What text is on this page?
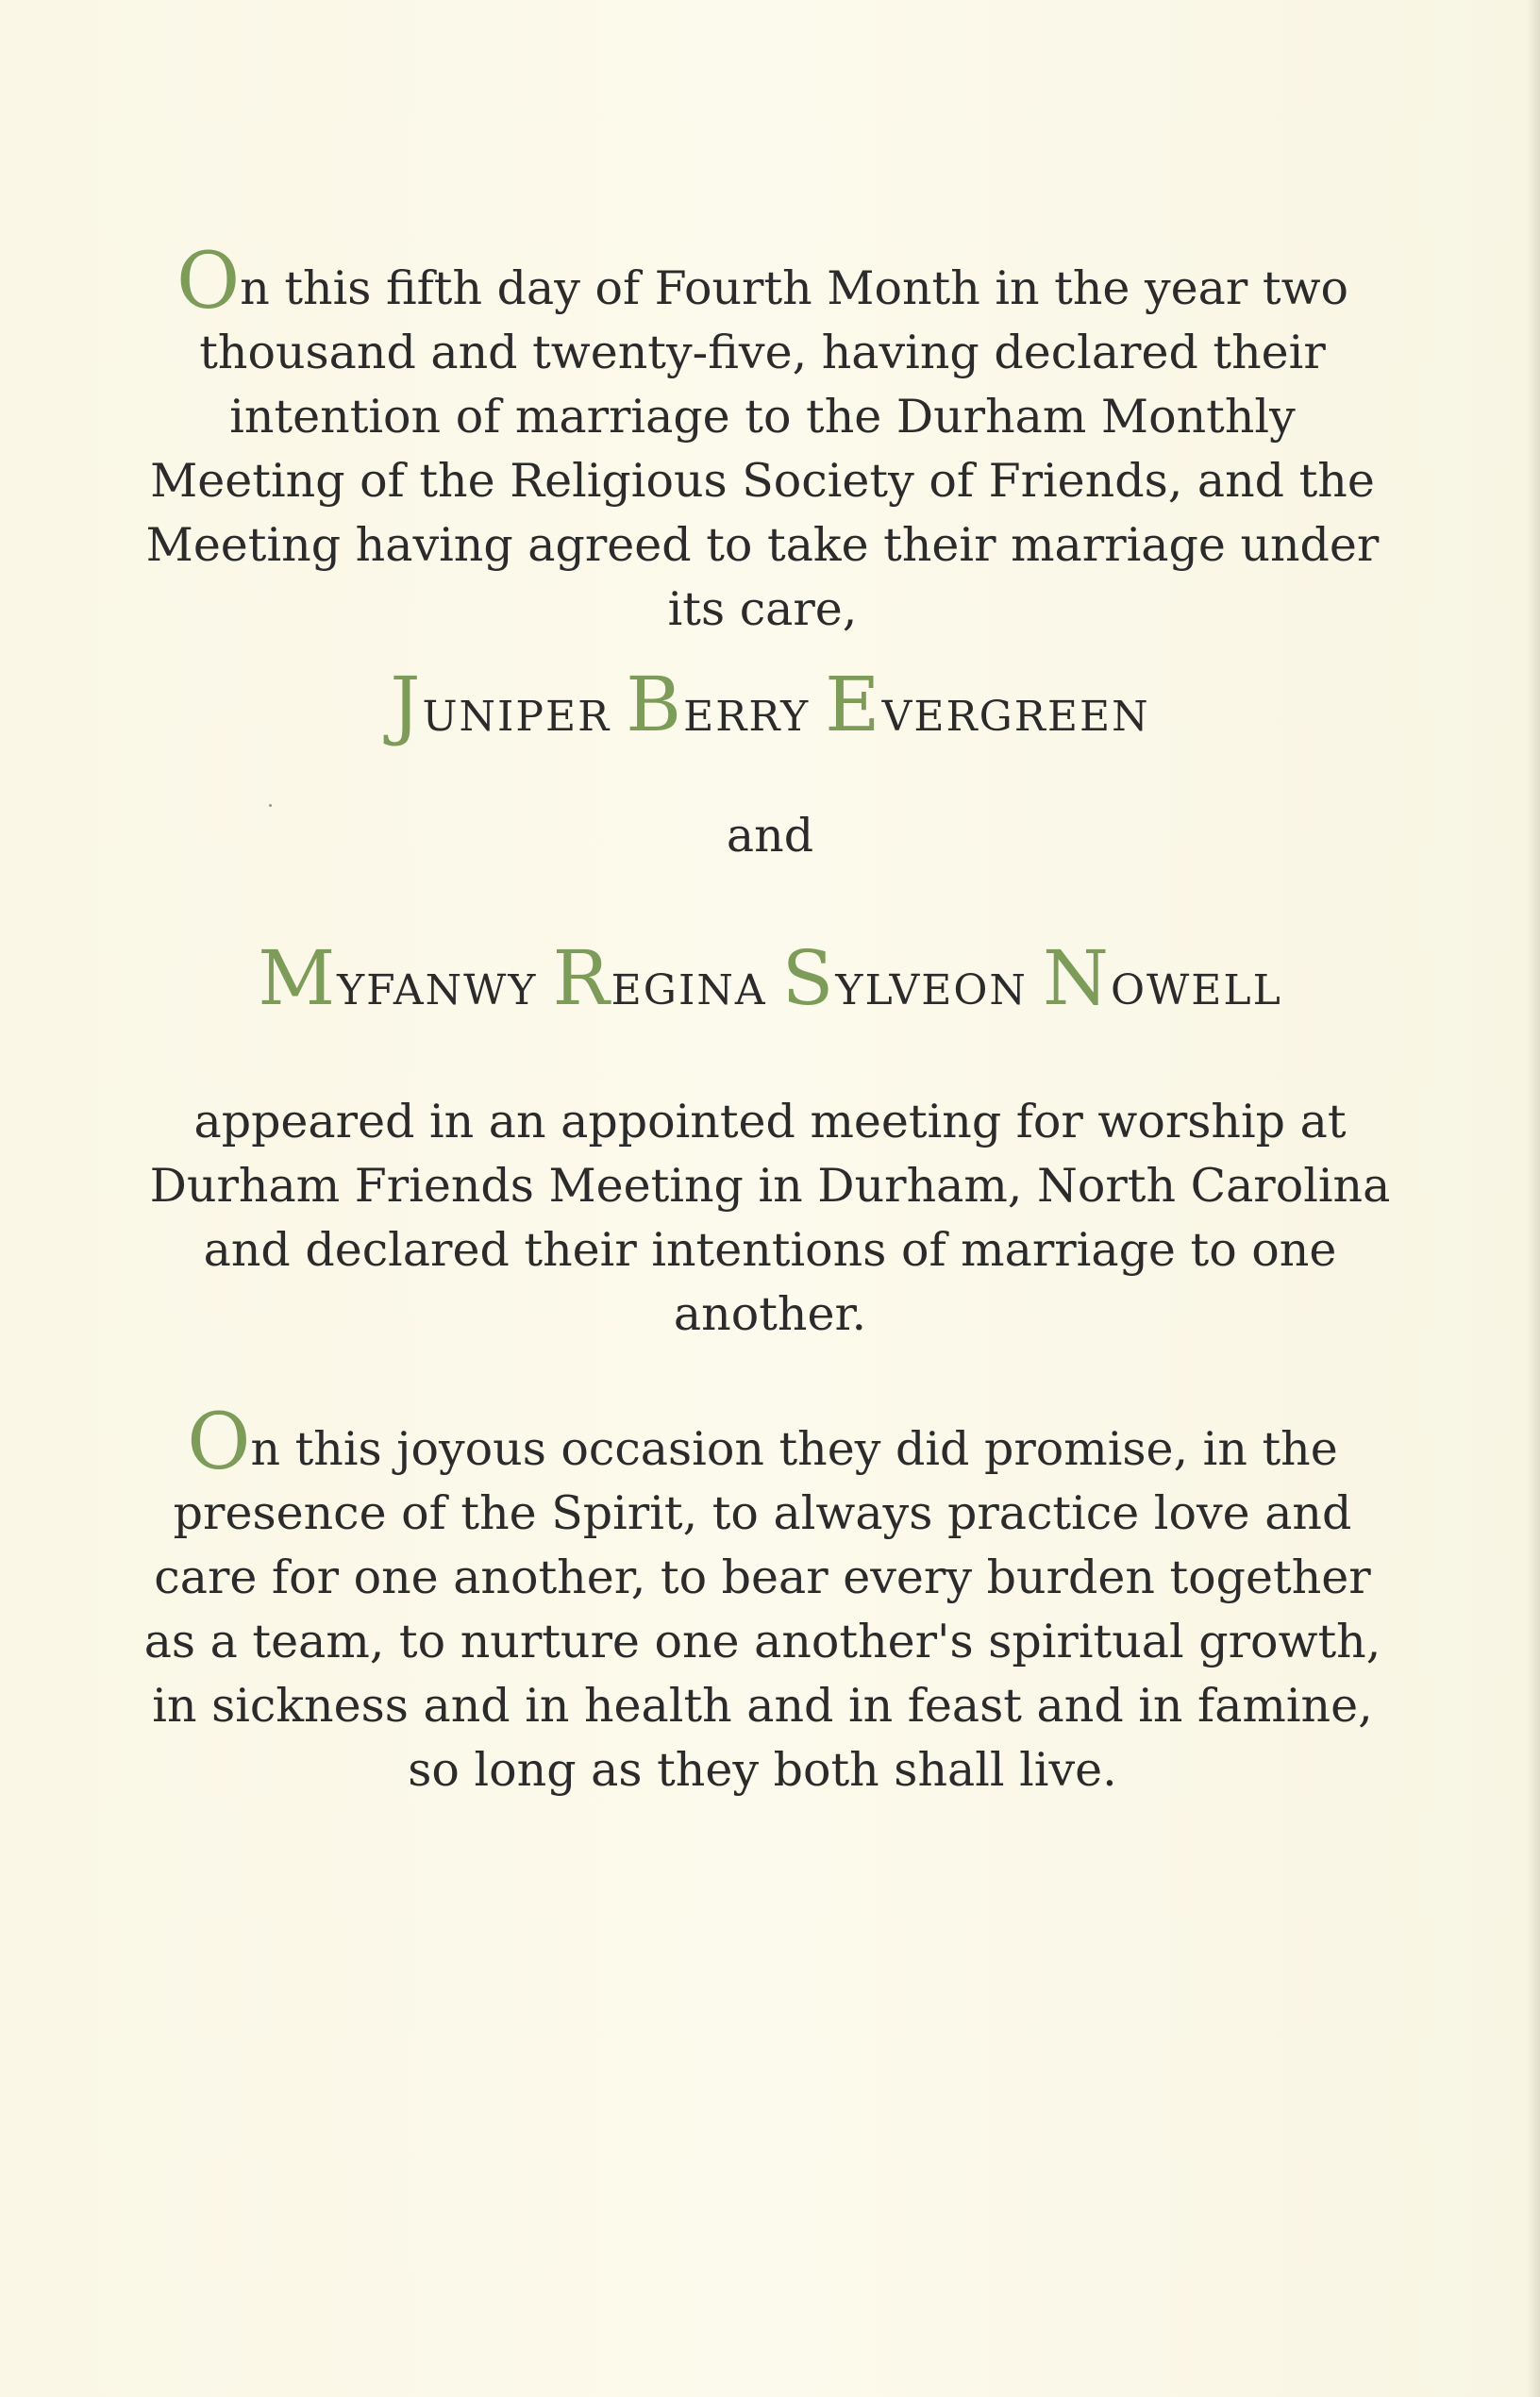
On this fifth day of Fourth Month in the year two thousand and twenty-five, having declared their intention of marriage to the Durham Monthly Meeting of the Religious Society of Friends, and the Meeting having agreed to take their marriage under its care,

JUNIPER BERRY EVERGREEN

and

MYFANWY REGINA SYLVEON NOWELL

appeared in an appointed meeting for worship at
Durham Friends Meeting in Durham, North Carolina
and declared their intentions of marriage to one
another.

On this joyous occasion they did promise, in the presence of the Spirit, to always practice love and care for one another, to bear every burden together as a team, to nurture one another's spiritual growth, in sickness and in health and in feast and in famine, so long as they both shall live.
